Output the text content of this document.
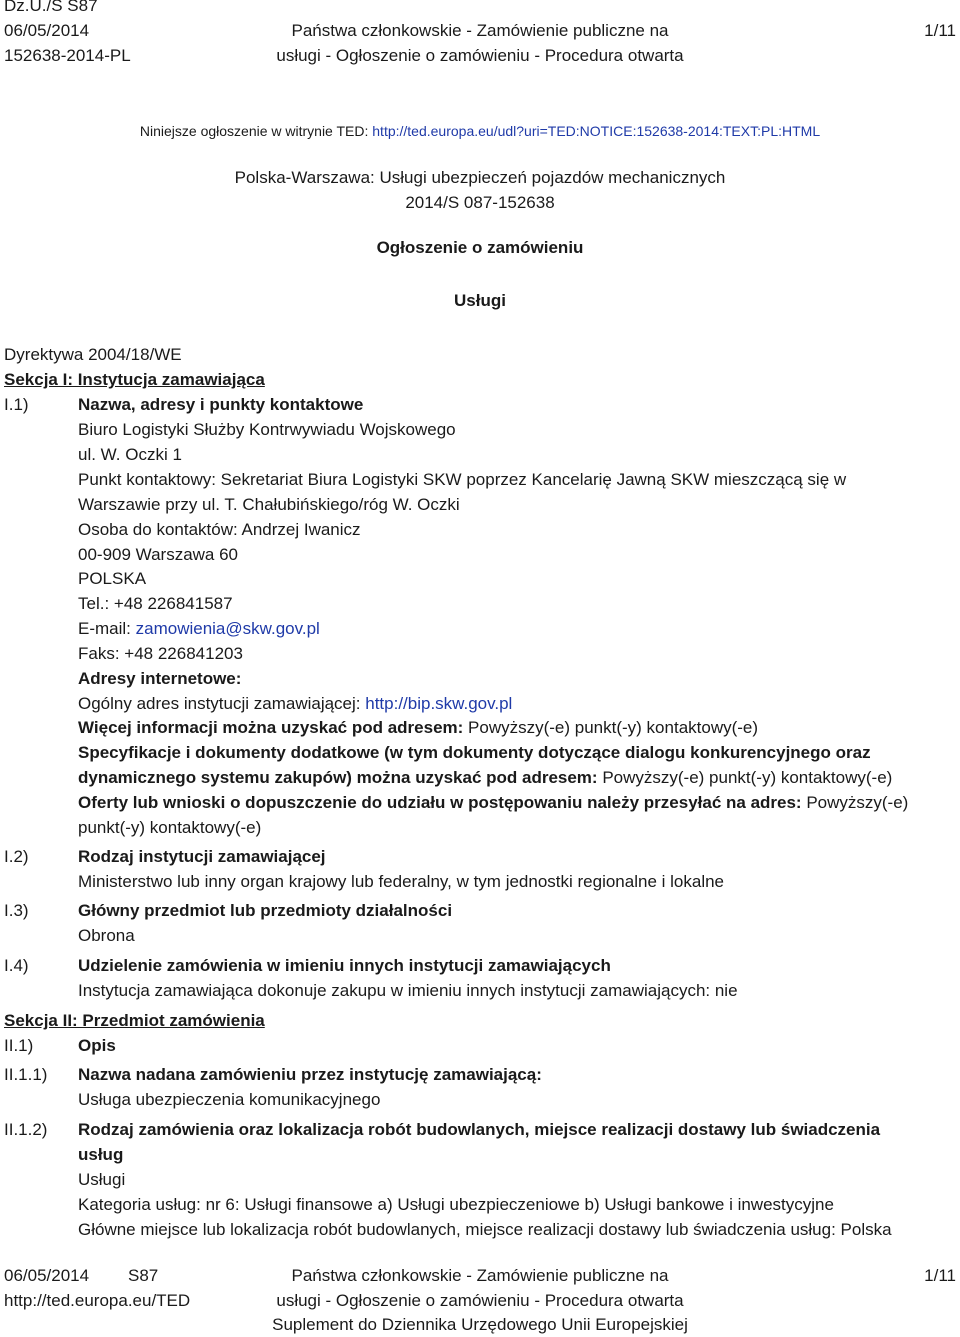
Dz.U./S S87
06/05/2014
152638-2014-PL
Państwa członkowskie - Zamówienie publiczne na
usługi - Ogłoszenie o zamówieniu - Procedura otwarta
1/11
Niniejsze ogłoszenie w witrynie TED: http://ted.europa.eu/udl?uri=TED:NOTICE:152638-2014:TEXT:PL:HTML
Polska-Warszawa: Usługi ubezpieczeń pojazdów mechanicznych
2014/S 087-152638
Ogłoszenie o zamówieniu
Usługi
Dyrektywa 2004/18/WE
Sekcja I: Instytucja zamawiająca
I.1)	Nazwa, adresy i punkty kontaktowe
Biuro Logistyki Służby Kontrwywiadu Wojskowego
ul. W. Oczki 1
Punkt kontaktowy: Sekretariat Biura Logistyki SKW poprzez Kancelarię Jawną SKW mieszczącą się w
Warszawie przy ul. T. Chałubińskiego/róg W. Oczki
Osoba do kontaktów: Andrzej Iwanicz
00-909 Warszawa 60
POLSKA
Tel.: +48 226841587
E-mail: zamowienia@skw.gov.pl
Faks: +48 226841203
Adresy internetowe:
Ogólny adres instytucji zamawiającej: http://bip.skw.gov.pl
Więcej informacji można uzyskać pod adresem: Powyższy(-e) punkt(-y) kontaktowy(-e)
Specyfikacje i dokumenty dodatkowe (w tym dokumenty dotyczące dialogu konkurencyjnego oraz
dynamicznego systemu zakupów) można uzyskać pod adresem: Powyższy(-e) punkt(-y) kontaktowy(-e)
Oferty lub wnioski o dopuszczenie do udziału w postępowaniu należy przesyłać na adres: Powyższy(-e)
punkt(-y) kontaktowy(-e)
I.2)	Rodzaj instytucji zamawiającej
Ministerstwo lub inny organ krajowy lub federalny, w tym jednostki regionalne i lokalne
I.3)	Główny przedmiot lub przedmioty działalności
Obrona
I.4)	Udzielenie zamówienia w imieniu innych instytucji zamawiających
Instytucja zamawiająca dokonuje zakupu w imieniu innych instytucji zamawiających: nie
Sekcja II: Przedmiot zamówienia
II.1)	Opis
II.1.1) Nazwa nadana zamówieniu przez instytucję zamawiającą:
Usługa ubezpieczenia komunikacyjnego
II.1.2) Rodzaj zamówienia oraz lokalizacja robót budowlanych, miejsce realizacji dostawy lub świadczenia
usług
Usługi
Kategoria usług: nr 6: Usługi finansowe a) Usługi ubezpieczeniowe b) Usługi bankowe i inwestycyjne
Główne miejsce lub lokalizacja robót budowlanych, miejsce realizacji dostawy lub świadczenia usług: Polska
06/05/2014 S87
http://ted.europa.eu/TED
Państwa członkowskie - Zamówienie publiczne na
usługi - Ogłoszenie o zamówieniu - Procedura otwarta
Suplement do Dziennika Urzędowego Unii Europejskiej
1/11
